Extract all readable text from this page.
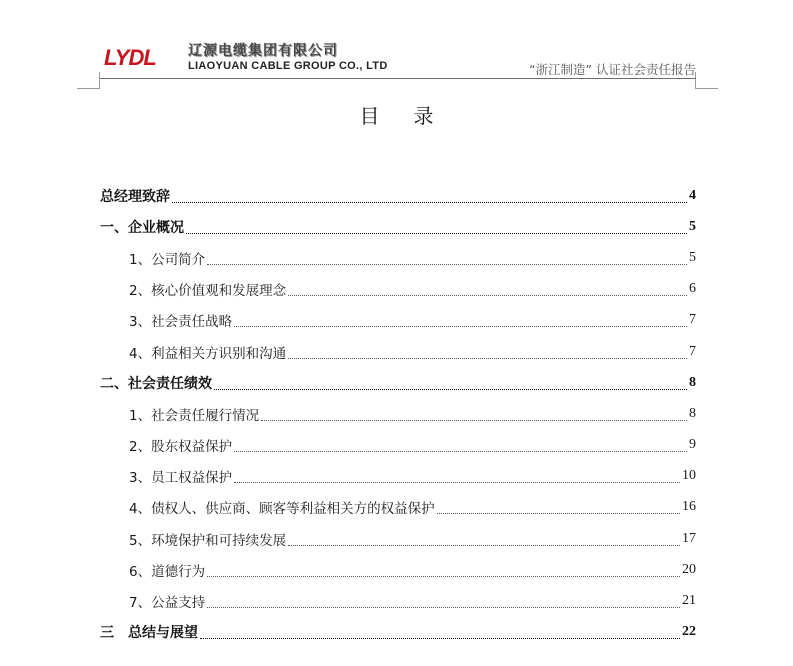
LYDL 辽源电缆集团有限公司
LIAOYUAN CABLE GROUP CO., LTD	“浙江制造” 认证社会责任报告
目录
总经理致辞	4
一、企业概况	5
1、公司简介	5
2、核心价值观和发展理念	6
3、社会责任战略	7
4、利益相关方识别和沟通	7
二、社会责任绩效	8
1、社会责任履行情况	8
2、股东权益保护	9
3、员工权益保护	10
4、债权人、供应商、顾客等利益相关方的权益保护	16
5、环境保护和可持续发展	17
6、道德行为	20
7、公益支持	21
三　总结与展望	22
